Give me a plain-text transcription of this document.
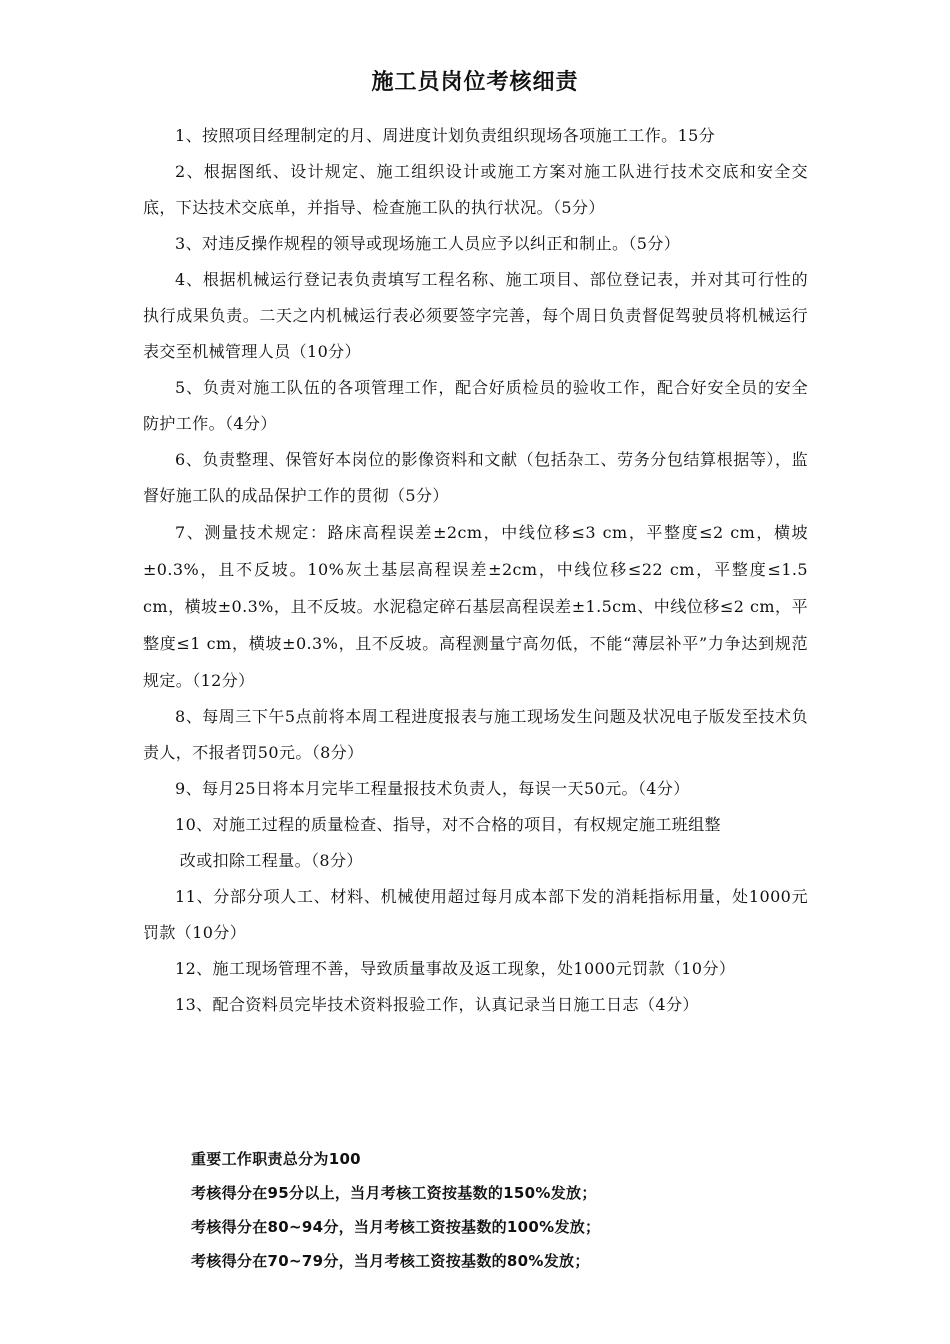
施工员岗位考核细责

1、按照项目经理制定的月、周进度计划负责组织现场各项施工工作。15分

2、根据图纸、设计规定、施工组织设计或施工方案对施工队进行技术交底和安全交底，下达技术交底单，并指导、检查施工队的执行状况。（5分）

3、对违反操作规程的领导或现场施工人员应予以纠正和制止。（5分）

4、根据机械运行登记表负责填写工程名称、施工项目、部位登记表，并对其可行性的执行成果负责。二天之内机械运行表必须要签字完善，每个周日负责督促驾驶员将机械运行表交至机械管理人员（10分）

5、负责对施工队伍的各项管理工作，配合好质检员的验收工作，配合好安全员的安全防护工作。（4分）

6、负责整理、保管好本岗位的影像资料和文献（包括杂工、劳务分包结算根据等），监督好施工队的成品保护工作的贯彻（5分）

7、测量技术规定：路床高程误差±2cm，中线位移≤3 cm，平整度≤2 cm，横坡±0.3%，且不反坡。10%灰土基层高程误差±2cm，中线位移≤22 cm，平整度≤1.5 cm，横坡±0.3%，且不反坡。水泥稳定碎石基层高程误差±1.5cm、中线位移≤2 cm，平整度≤1 cm，横坡±0.3%，且不反坡。高程测量宁高勿低，不能“薄层补平”力争达到规范规定。（12分）

8、每周三下午5点前将本周工程进度报表与施工现场发生问题及状况电子版发至技术负责人，不报者罚50元。（8分）

9、每月25日将本月完毕工程量报技术负责人，每误一天50元。（4分）

10、对施工过程的质量检查、指导，对不合格的项目，有权规定施工班组整

改或扣除工程量。（8分）

11、分部分项人工、材料、机械使用超过每月成本部下发的消耗指标用量，处1000元罚款（10分）

12、施工现场管理不善，导致质量事故及返工现象，处1000元罚款（10分）

13、配合资料员完毕技术资料报验工作，认真记录当日施工日志（4分）

重要工作职责总分为100
考核得分在95分以上，当月考核工资按基数的150%发放；
考核得分在80~94分，当月考核工资按基数的100%发放；
考核得分在70~79分，当月考核工资按基数的80%发放；
